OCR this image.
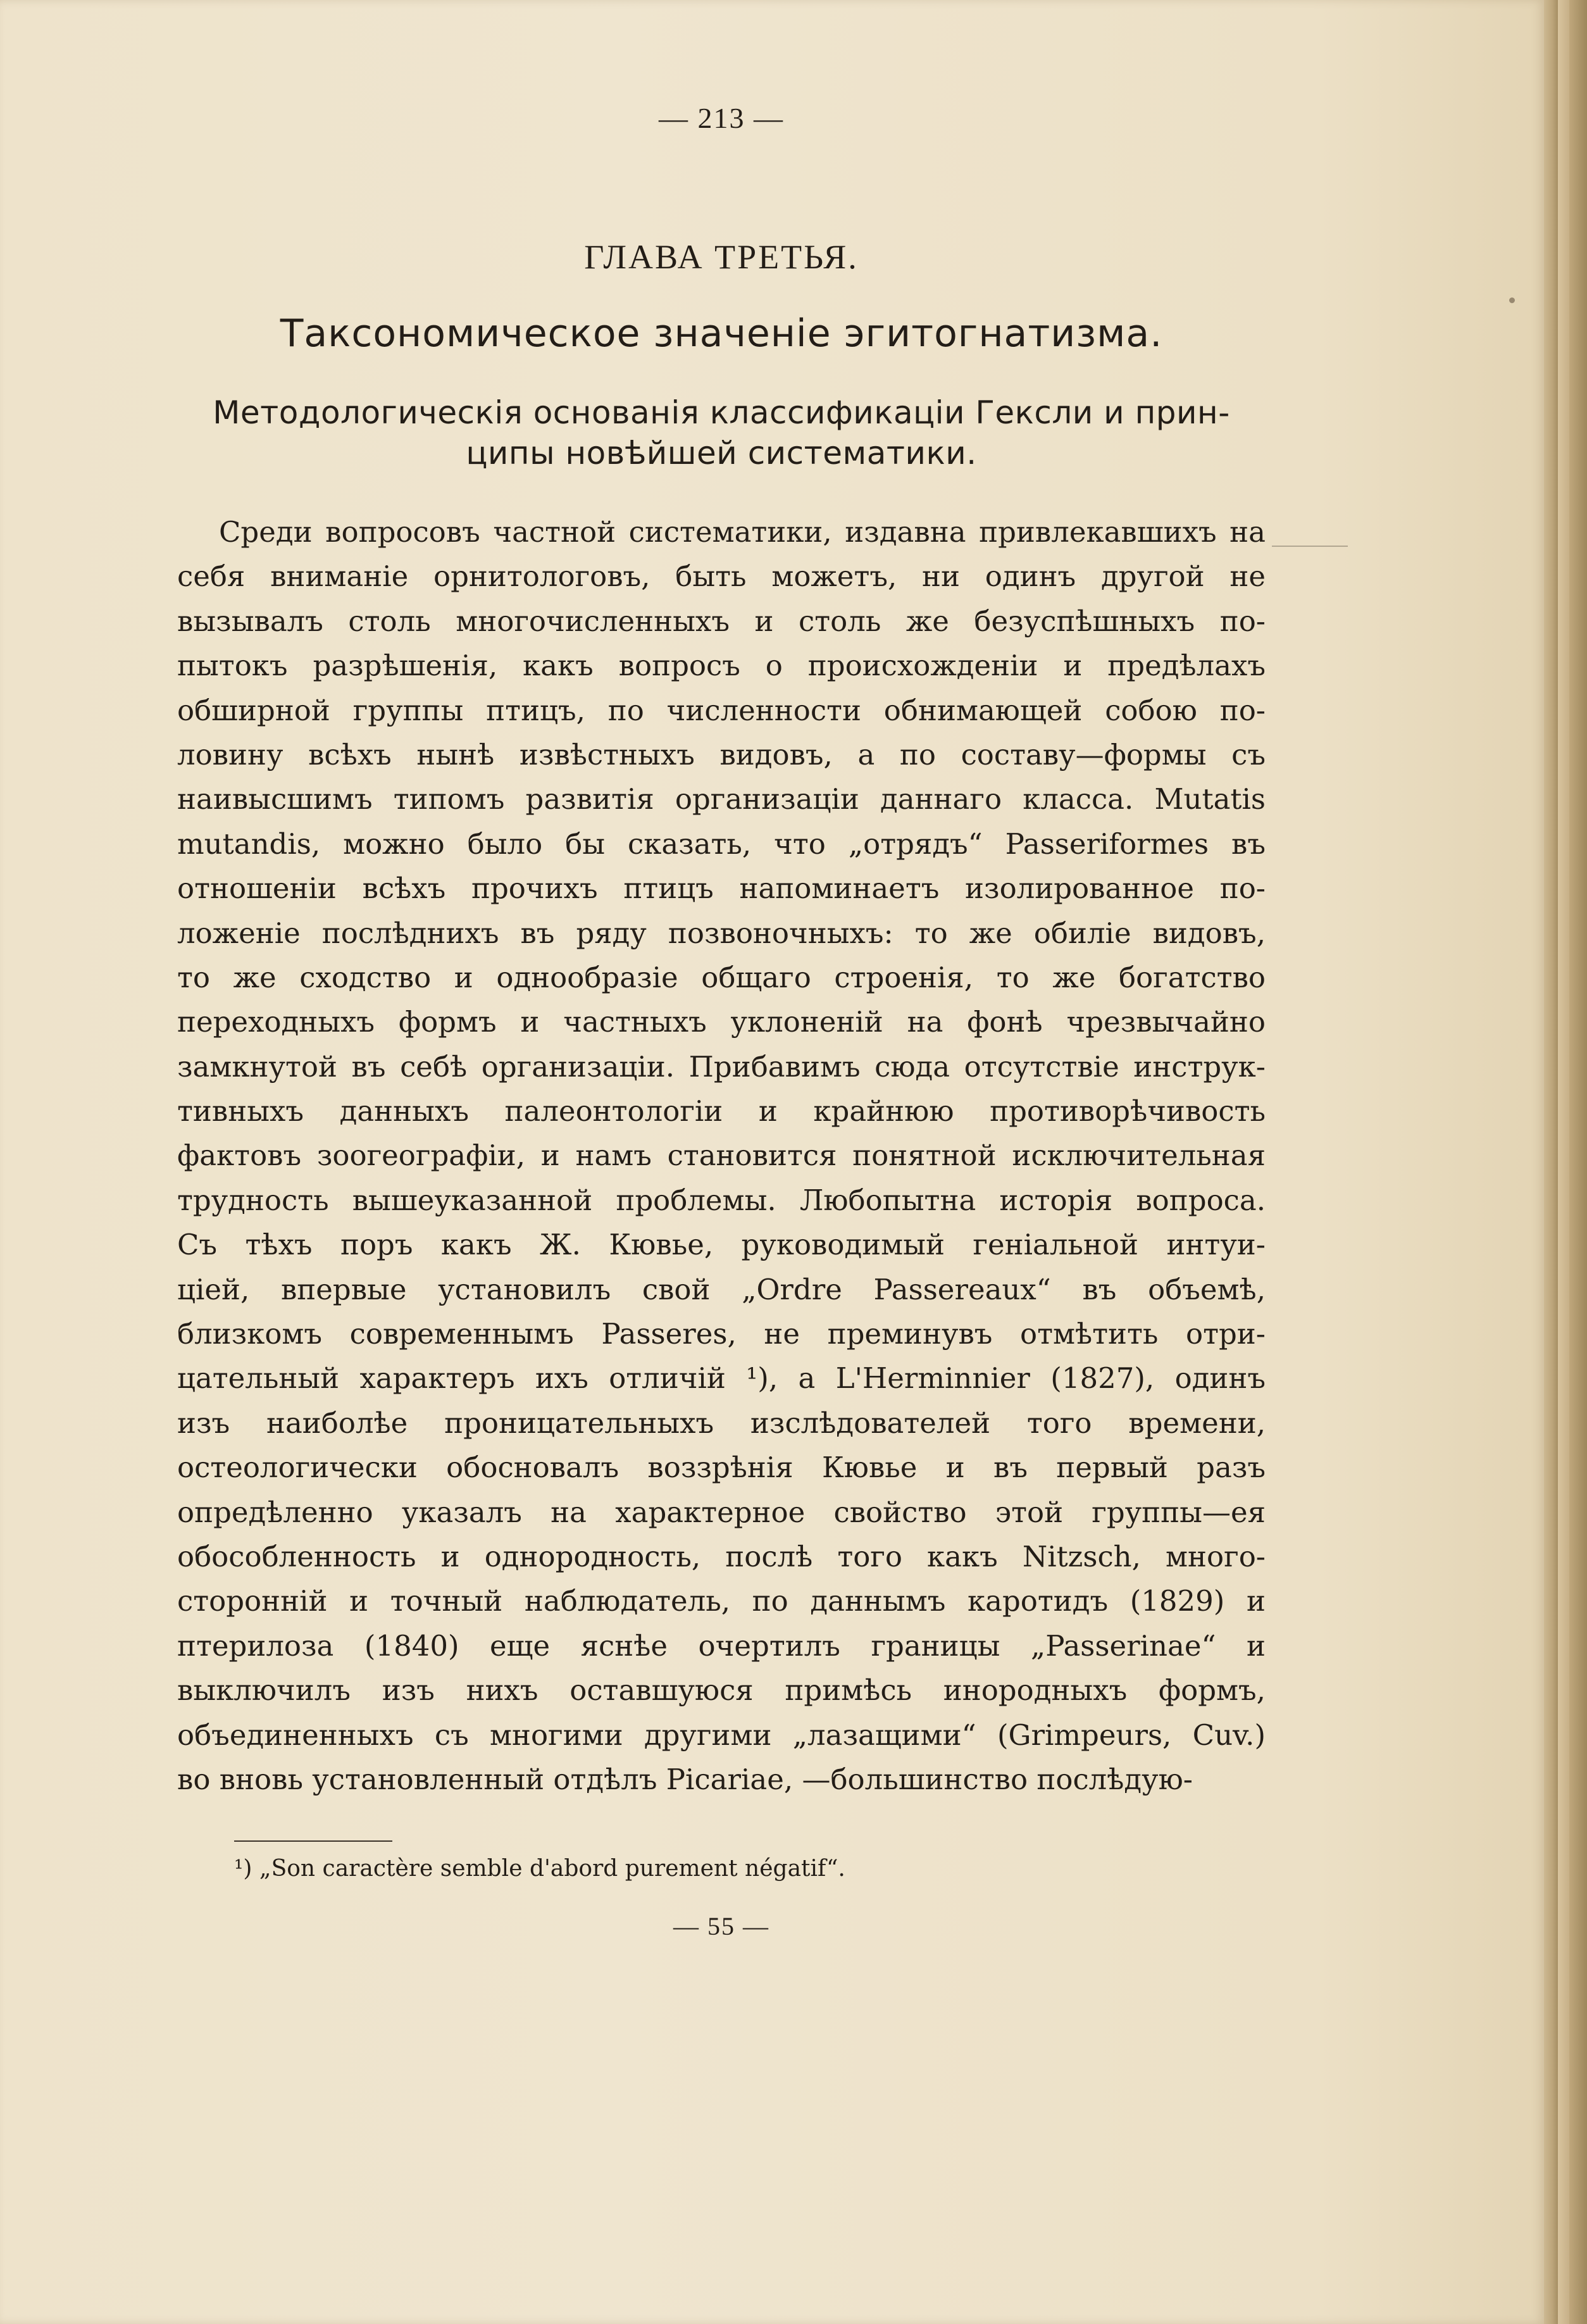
— 213 —
ГЛАВА ТРЕТЬЯ.
Таксономическое значеніе эгитогнатизма.
Методологическія основанія классификаціи Гексли и прин-
ципы новѣйшей систематики.
Среди вопросовъ частной систематики, издавна привлекавшихъ на
себя вниманіе орнитологовъ, быть можетъ, ни одинъ другой не
вызывалъ столь многочисленныхъ и столь же безуспѣшныхъ по-
пытокъ разрѣшенія, какъ вопросъ о происхожденіи и предѣлахъ
обширной группы птицъ, по численности обнимающей собою по-
ловину всѣхъ нынѣ извѣстныхъ видовъ, а по составу—формы съ
наивысшимъ типомъ развитія организаціи даннаго класса. Mutatis
mutandis, можно было бы сказать, что „отрядъ“ Passeriformes въ
отношеніи всѣхъ прочихъ птицъ напоминаетъ изолированное по-
ложеніе послѣднихъ въ ряду позвоночныхъ: то же обиліе видовъ,
то же сходство и однообразіе общаго строенія, то же богатство
переходныхъ формъ и частныхъ уклоненій на фонѣ чрезвычайно
замкнутой въ себѣ организаціи. Прибавимъ сюда отсутствіе инструк-
тивныхъ данныхъ палеонтологіи и крайнюю противорѣчивость
фактовъ зоогеографіи, и намъ становится понятной исключительная
трудность вышеуказанной проблемы. Любопытна исторія вопроса.
Съ тѣхъ поръ какъ Ж. Кювье, руководимый геніальной интуи-
ціей, впервые установилъ свой „Ordre Passereaux“ въ объемѣ,
близкомъ современнымъ Passeres, не преминувъ отмѣтить отри-
цательный характеръ ихъ отличій ¹), а L'Herminnier (1827), одинъ
изъ наиболѣе проницательныхъ изслѣдователей того времени,
остеологически обосновалъ воззрѣнія Кювье и въ первый разъ
опредѣленно указалъ на характерное свойство этой группы—ея
обособленность и однородность, послѣ того какъ Nitzsch, много-
сторонній и точный наблюдатель, по даннымъ каротидъ (1829) и
птерилоза (1840) еще яснѣе очертилъ границы „Passerinae“ и
выключилъ изъ нихъ оставшуюся примѣсь инородныхъ формъ,
объединенныхъ съ многими другими „лазащими“ (Grimpeurs, Cuv.)
во вновь установленный отдѣлъ Picariae, —большинство послѣдую-
¹) „Son caractère semble d'abord purement négatif“.
— 55 —
